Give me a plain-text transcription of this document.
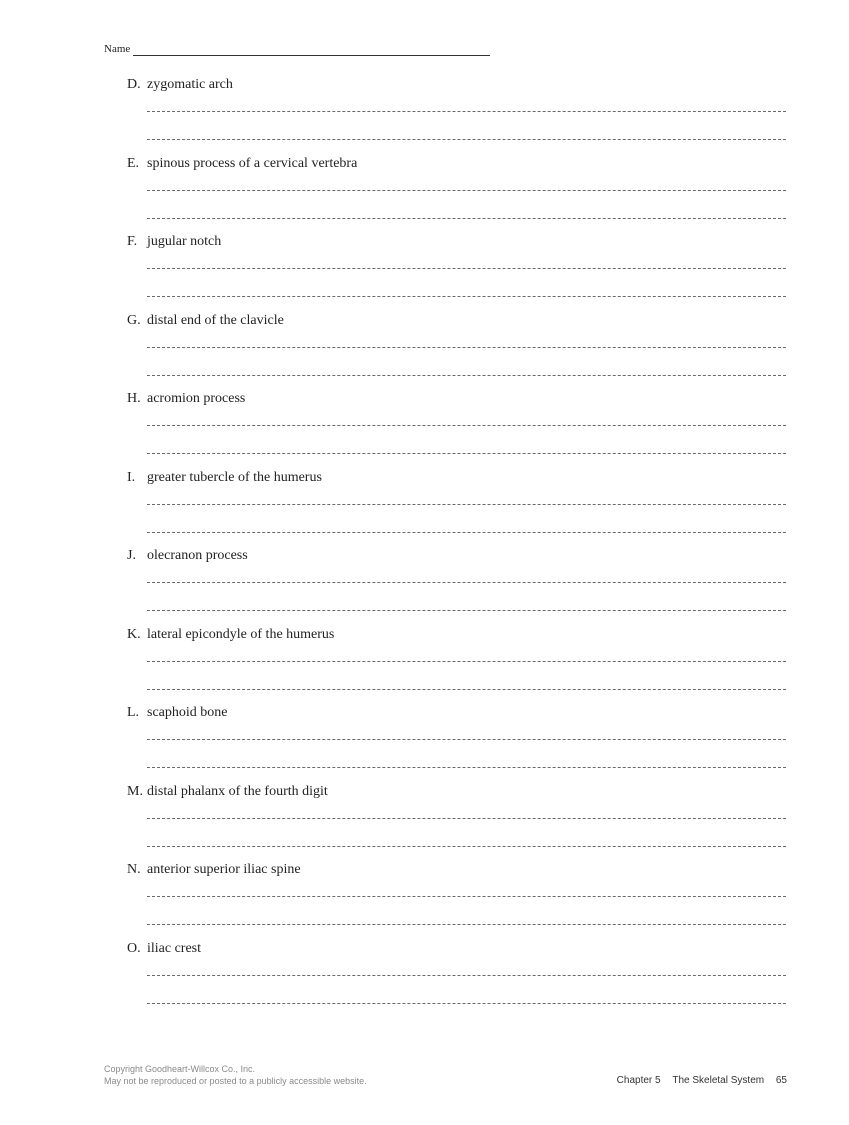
Name
D. zygomatic arch
E. spinous process of a cervical vertebra
F. jugular notch
G. distal end of the clavicle
H. acromion process
I. greater tubercle of the humerus
J. olecranon process
K. lateral epicondyle of the humerus
L. scaphoid bone
M. distal phalanx of the fourth digit
N. anterior superior iliac spine
O. iliac crest
Copyright Goodheart-Willcox Co., Inc.
May not be reproduced or posted to a publicly accessible website.	Chapter 5 The Skeletal System 65
